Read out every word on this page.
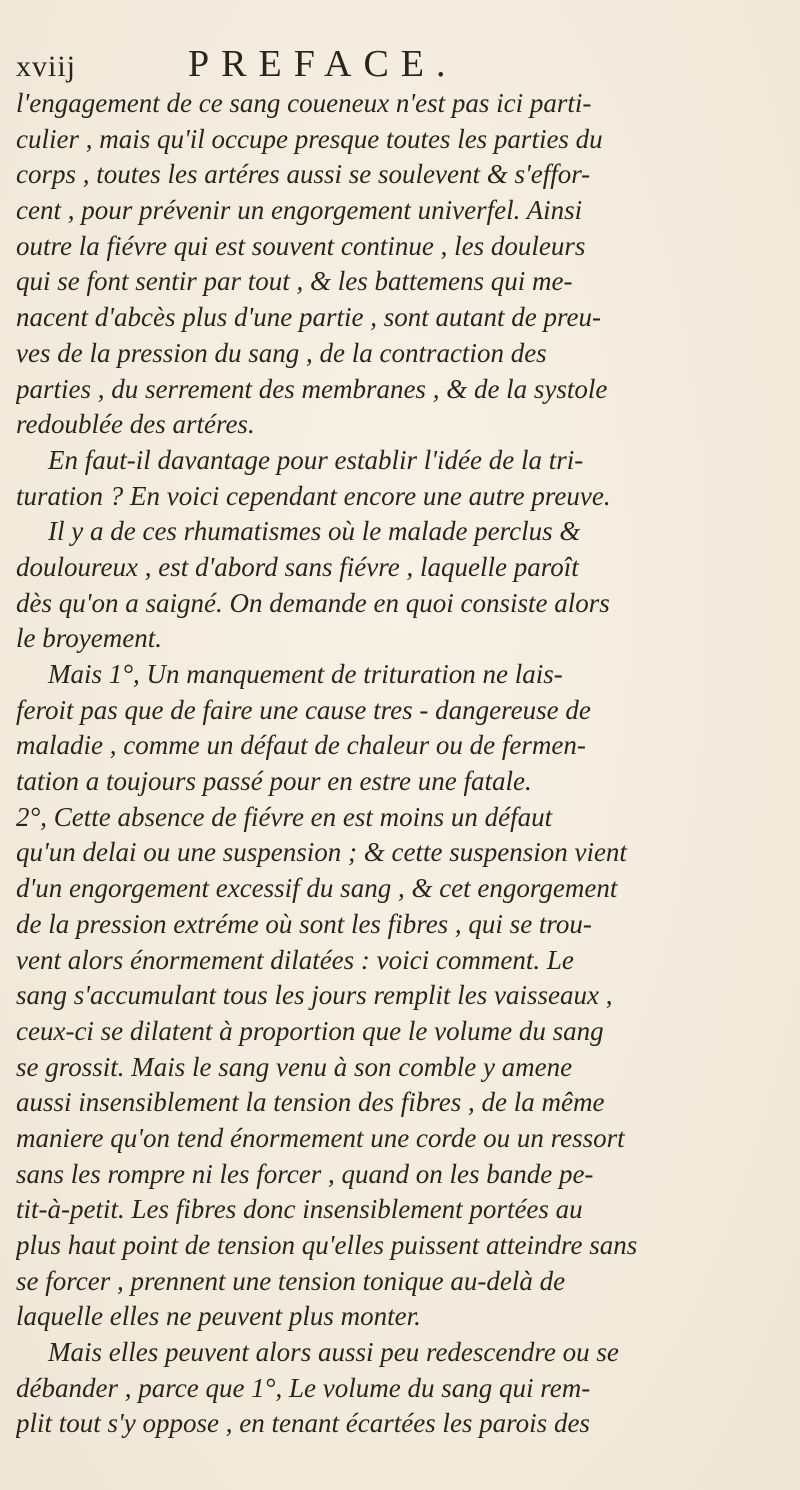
xviij	PREFACE.
l'engagement de ce sang coueneux n'est pas ici parti-
culier , mais qu'il occupe presque toutes les parties du
corps , toutes les artéres aussi se soulevent & s'effor-
cent , pour prévenir un engorgement univerfel. Ainsi
outre la fiévre qui est souvent continue , les douleurs
qui se font sentir par tout , & les battemens qui me-
nacent d'abcès plus d'une partie , sont autant de preu-
ves de la pression du sang , de la contraction des
parties , du serrement des membranes , & de la systole
redoublée des artéres.
En faut-il davantage pour establir l'idée de la tri-
turation ? En voici cependant encore une autre preuve.
Il y a de ces rhumatismes où le malade perclus &
douloureux , est d'abord sans fiévre , laquelle paroît
dès qu'on a saigné. On demande en quoi consiste alors
le broyement.
Mais 1°, Un manquement de trituration ne lais-
feroit pas que de faire une cause tres - dangereuse de
maladie , comme un défaut de chaleur ou de fermen-
tation a toujours passé pour en estre une fatale.
2°, Cette absence de fiévre en est moins un défaut
qu'un delai ou une suspension ; & cette suspension vient
d'un engorgement excessif du sang , & cet engorgement
de la pression extréme où sont les fibres , qui se trou-
vent alors énormement dilatées : voici comment. Le
sang s'accumulant tous les jours remplit les vaisseaux ,
ceux-ci se dilatent à proportion que le volume du sang
se grossit. Mais le sang venu à son comble y amene
aussi insensiblement la tension des fibres , de la même
maniere qu'on tend énormement une corde ou un ressort
sans les rompre ni les forcer , quand on les bande pe-
tit-à-petit. Les fibres donc insensiblement portées au
plus haut point de tension qu'elles puissent atteindre sans
se forcer , prennent une tension tonique au-delà de
laquelle elles ne peuvent plus monter.
Mais elles peuvent alors aussi peu redescendre ou se
débander , parce que 1°, Le volume du sang qui rem-
plit tout s'y oppose , en tenant écartées les parois des
